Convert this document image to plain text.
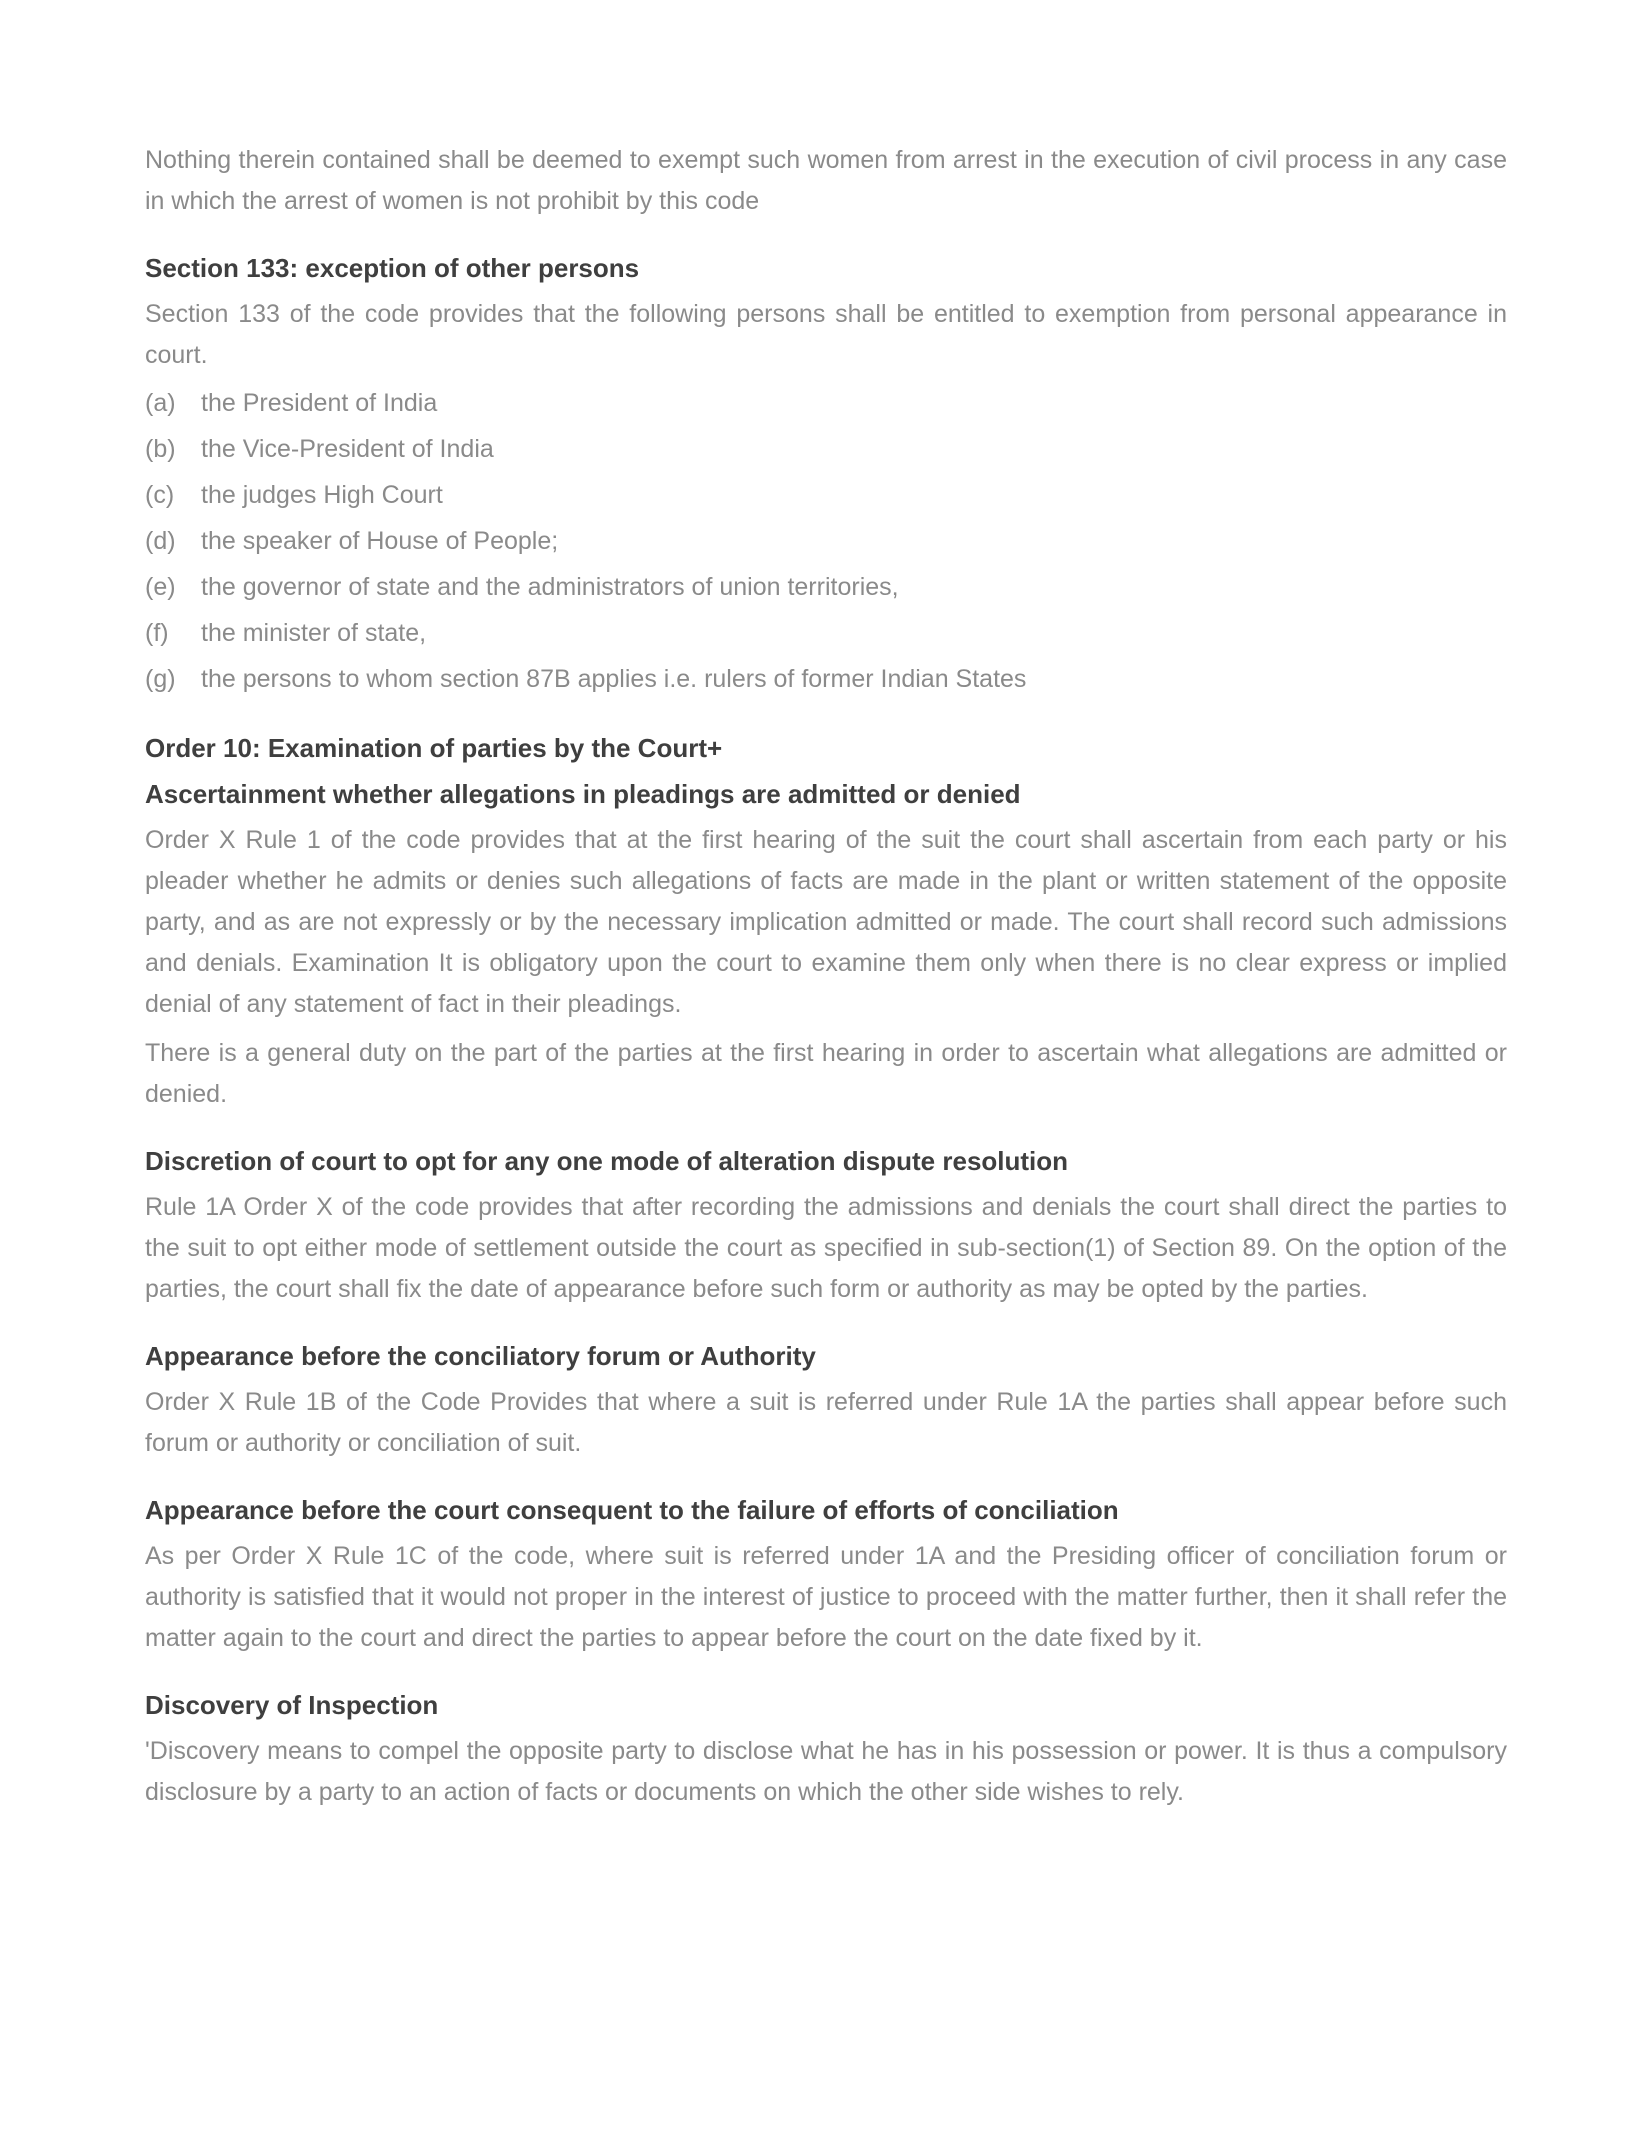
Nothing therein contained shall be deemed to exempt such women from arrest in the execution of civil process in any case in which the arrest of women is not prohibit by this code

Section 133: exception of other persons

Section 133 of the code provides that the following persons shall be entitled to exemption from personal appearance in court.

(a)	the President of India
(b)	the Vice-President of India
(c)	the judges High Court
(d)	the speaker of House of People;
(e)	the governor of state and the administrators of union territories,
(f)	the minister of state,
(g)	the persons to whom section 87B applies i.e. rulers of former Indian States
Order 10: Examination of parties by the Court+
Ascertainment whether allegations in pleadings are admitted or denied

Order X Rule 1 of the code provides that at the first hearing of the suit the court shall ascertain from each party or his pleader whether he admits or denies such allegations of facts are made in the plant or written statement of the opposite party, and as are not expressly or by the necessary implication admitted or made. The court shall record such admissions and denials. Examination It is obligatory upon the court to examine them only when there is no clear express or implied denial of any statement of fact in their pleadings.

There is a general duty on the part of the parties at the first hearing in order to ascertain what allegations are admitted or denied.

Discretion of court to opt for any one mode of alteration dispute resolution

Rule 1A Order X of the code provides that after recording the admissions and denials the court shall direct the parties to the suit to opt either mode of settlement outside the court as specified in sub-section(1) of Section 89. On the option of the parties, the court shall fix the date of appearance before such form or authority as may be opted by the parties.

Appearance before the conciliatory forum or Authority

Order X Rule 1B of the Code Provides that where a suit is referred under Rule 1A the parties shall appear before such forum or authority or conciliation of suit.

Appearance before the court consequent to the failure of efforts of conciliation

As per Order X Rule 1C of the code, where suit is referred under 1A and the Presiding officer of conciliation forum or authority is satisfied that it would not proper in the interest of justice to proceed with the matter further, then it shall refer the matter again to the court and direct the parties to appear before the court on the date fixed by it.

Discovery of Inspection

'Discovery means to compel the opposite party to disclose what he has in his possession or power. It is thus a compulsory disclosure by a party to an action of facts or documents on which the other side wishes to rely.
